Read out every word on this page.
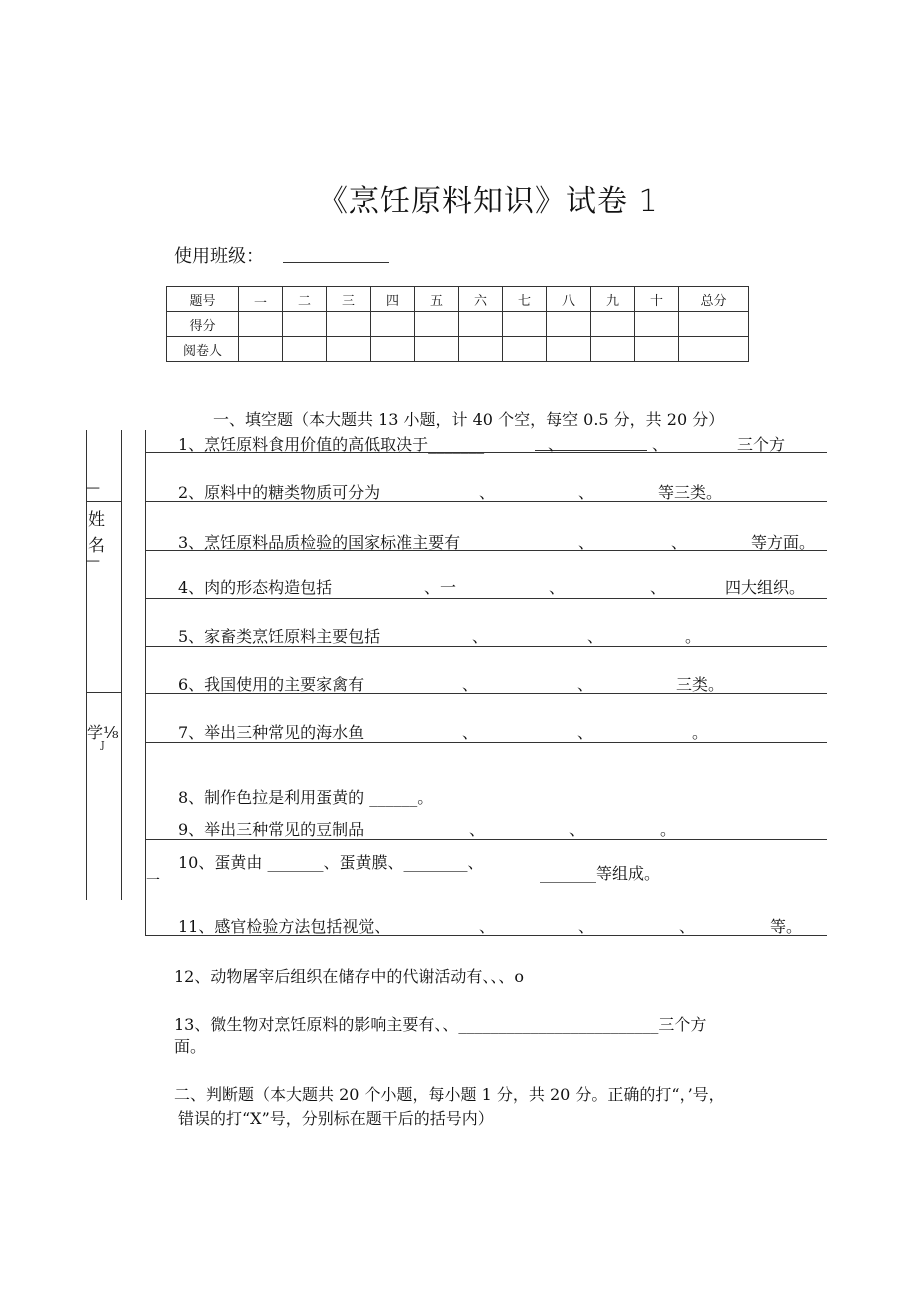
《烹饪原料知识》试卷 1
使用班级：
题号	一	二	三	四	五	六	七	八	九	十	总分
得分											
阅卷人											
—
姓
名
—
学⅛
J
一
一、填空题（本大题共 13 小题，计 40 个空，每空 0.5 分，共 20 分）
1、烹饪原料食用价值的高低取决于_______	、	、	三个方
2、原料中的糖类物质可分为	、	、	等三类。
3、烹饪原料品质检验的国家标准主要有	、	、	等方面。
4、肉的形态构造包括	、一	、	、	四大组织。
5、家畜类烹饪原料主要包括	、	、	。
6、我国使用的主要家禽有	、	、	三类。
7、举出三种常见的海水鱼	、	、	。
8、制作色拉是利用蛋黄的 ______。
9、举出三种常见的豆制品	、	、	。
10、蛋黄由 _______、蛋黄膜、________、
_______等组成。
11、感官检验方法包括视觉、	、	、	、	等。
12、动物屠宰后组织在储存中的代谢活动有、、、o
13、微生物对烹饪原料的影响主要有、、_________________________三个方
面。
二、判断题（本大题共 20 个小题，每小题 1 分，共 20 分。正确的打“，’号，
错误的打“X”号，分别标在题干后的括号内）
